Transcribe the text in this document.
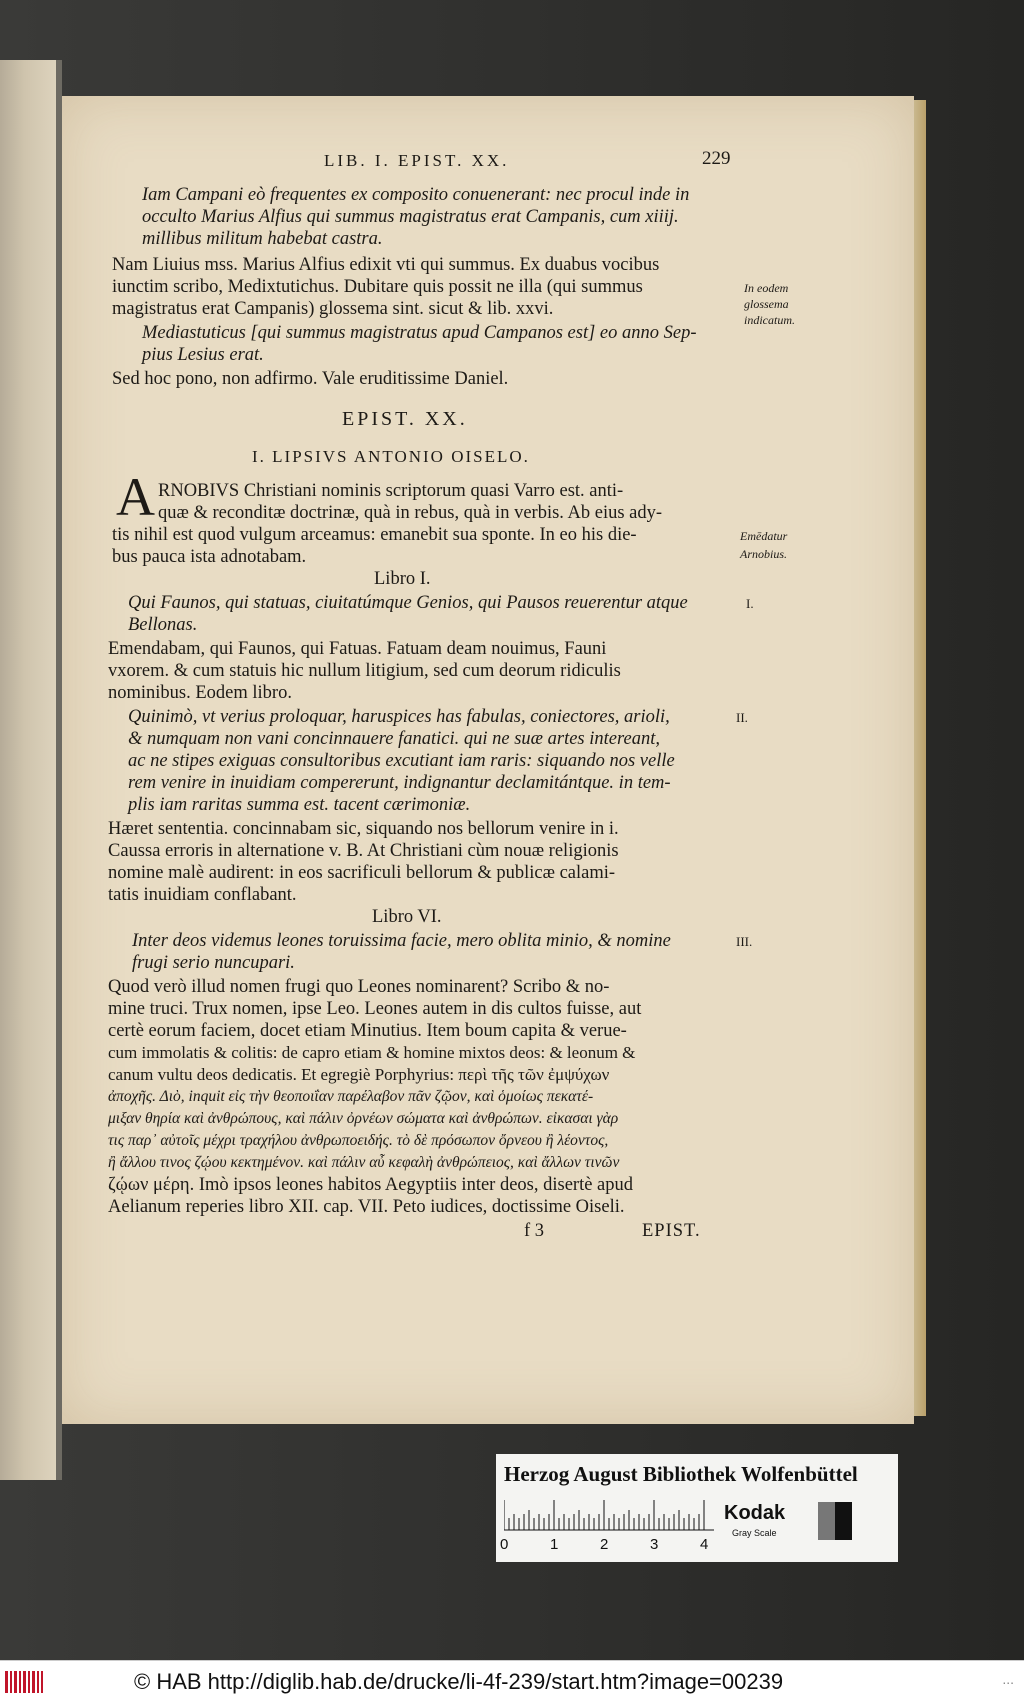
LIB. I. EPIST. XX.	229
Iam Campani eò frequentes ex composito conuenerant: nec procul inde in
occulto Marius Alfius qui summus magistratus erat Campanis, cum xiiij.
millibus militum habebat castra.
Nam Liuius mss. Marius Alfius edixit vti qui summus. Ex duabus vocibus
iunctim scribo, Medixtutichus. Dubitare quis possit ne illa (qui summus
magistratus erat Campanis) glossema sint. sicut & lib. xxvi.
Mediastuticus [qui summus magistratus apud Campanos est] eo anno Sep-
pius Lesius erat.
Sed hoc pono, non adfirmo. Vale eruditissime Daniel.
EPIST. XX.
I. LIPSIVS ANTONIO OISELO.
A RNOBIVS Christiani nominis scriptorum quasi Varro est. anti-
quæ & reconditæ doctrinæ, quà in rebus, quà in verbis. Ab eius ady-
tis nihil est quod vulgum arceamus: emanebit sua sponte. In eo his die-
bus pauca ista adnotabam.
Libro I.
Qui Faunos, qui statuas, ciuitatúmque Genios, qui Pausos reuerentur atque
Bellonas.
Emendabam, qui Faunos, qui Fatuas. Fatuam deam nouimus, Fauni
vxorem. & cum statuis hic nullum litigium, sed cum deorum ridiculis
nominibus. Eodem libro.
Quinimò, vt verius proloquar, haruspices has fabulas, coniectores, arioli,
& numquam non vani concinnauere fanatici. qui ne suæ artes intereant,
ac ne stipes exiguas consultoribus excutiant iam raris: siquando nos velle
rem venire in inuidiam compererunt, indignantur declamitántque. in tem-
plis iam raritas summa est. tacent cærimoniæ.
Hæret sententia. concinnabam sic, siquando nos bellorum venire in i.
Caussa erroris in alternatione v. B. At Christiani cùm nouæ religionis
nomine malè audirent: in eos sacrificuli bellorum & publicæ calami-
tatis inuidiam conflabant.
Libro VI.
Inter deos videmus leones toruissima facie, mero oblita minio, & nomine
frugi serio nuncupari.
Quod verò illud nomen frugi quo Leones nominarent? Scribo & no-
mine truci. Trux nomen, ipse Leo. Leones autem in dis cultos fuisse, aut
certè eorum faciem, docet etiam Minutius. Item boum capita & verue-
cum immolatis & colitis: de capro etiam & homine mixtos deos: & leonum &
canum vultu deos dedicatis. Et egregiè Porphyrius: περὶ τῆς τῶν ἐμψύχων
ἀποχῆς. Διὸ, inquit εἰς τὴν θεοποιΐαν παρέλαβον πᾶν ζῷον, καὶ ὁμοίως πεκατέ-
μιξαν θηρία καὶ ἀνθρώπους, καὶ πάλιν ὀρνέων σώματα καὶ ἀνθρώπων. εἰκασαι γὰρ
τις παρ᾽ αὐτοῖς μέχρι τραχήλου ἀνθρωποειδής. τὸ δὲ πρόσωπον ὄρνεου ἢ λέοντος,
ἢ ἄλλου τινος ζῴου κεκτημένον. καὶ πάλιν αὖ κεφαλὴ ἀνθρώπειος, καὶ ἄλλων τινῶν
ζῴων μέρη. Imò ipsos leones habitos Aegyptiis inter deos, disertè apud
Aelianum reperies libro XII. cap. VII. Peto iudices, doctissime Oiseli.
f 3	EPIST.
In eodem
glossema
indicatum.
Emēdatur
Arnobius.
I.
II.
III.
Herzog August Bibliothek Wolfenbüttel
0	1	2	3	4
Kodak
Gray Scale
© HAB http://diglib.hab.de/drucke/li-4f-239/start.htm?image=00239	...
